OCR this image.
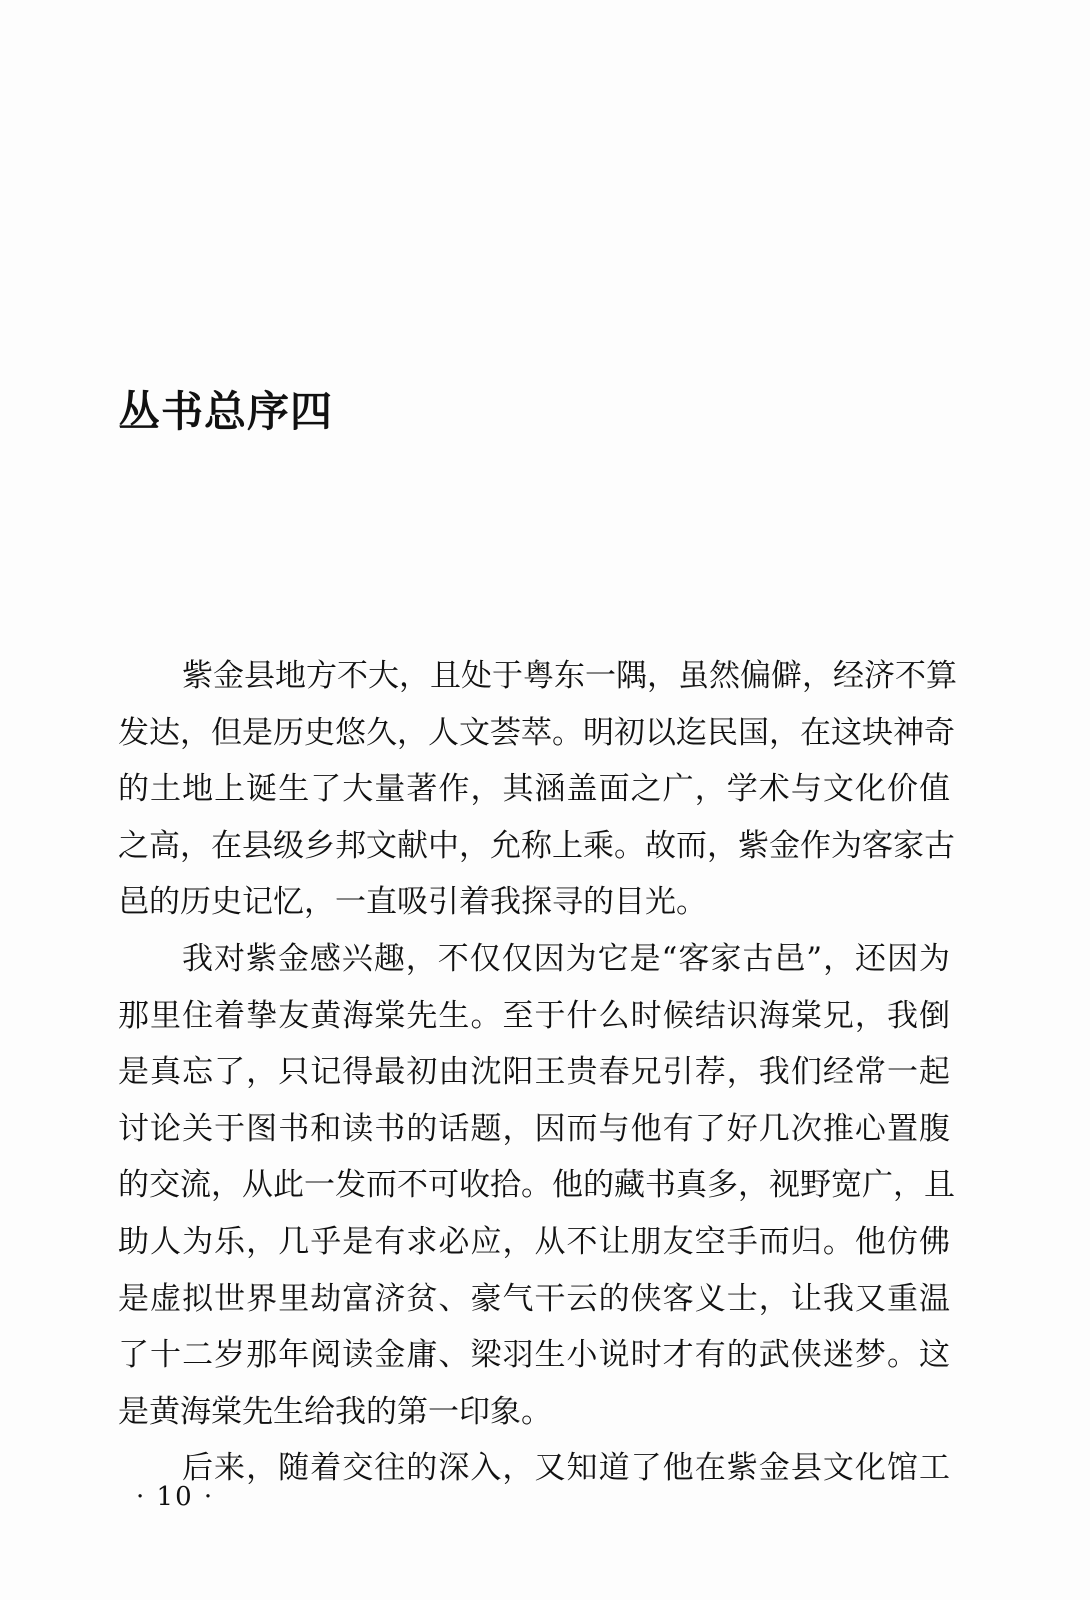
丛书总序四
紫金县地方不大，且处于粤东一隅，虽然偏僻，经济不算
发达，但是历史悠久，人文荟萃。明初以迄民国，在这块神奇
的土地上诞生了大量著作，其涵盖面之广，学术与文化价值
之高，在县级乡邦文献中，允称上乘。故而，紫金作为客家古
邑的历史记忆，一直吸引着我探寻的目光。
我对紫金感兴趣，不仅仅因为它是“客家古邑”，还因为
那里住着挚友黄海棠先生。至于什么时候结识海棠兄，我倒
是真忘了，只记得最初由沈阳王贵春兄引荐，我们经常一起
讨论关于图书和读书的话题，因而与他有了好几次推心置腹
的交流，从此一发而不可收拾。他的藏书真多，视野宽广，且
助人为乐，几乎是有求必应，从不让朋友空手而归。他仿佛
是虚拟世界里劫富济贫、豪气干云的侠客义士，让我又重温
了十二岁那年阅读金庸、梁羽生小说时才有的武侠迷梦。这
是黄海棠先生给我的第一印象。
后来，随着交往的深入，又知道了他在紫金县文化馆工
· 10 ·
